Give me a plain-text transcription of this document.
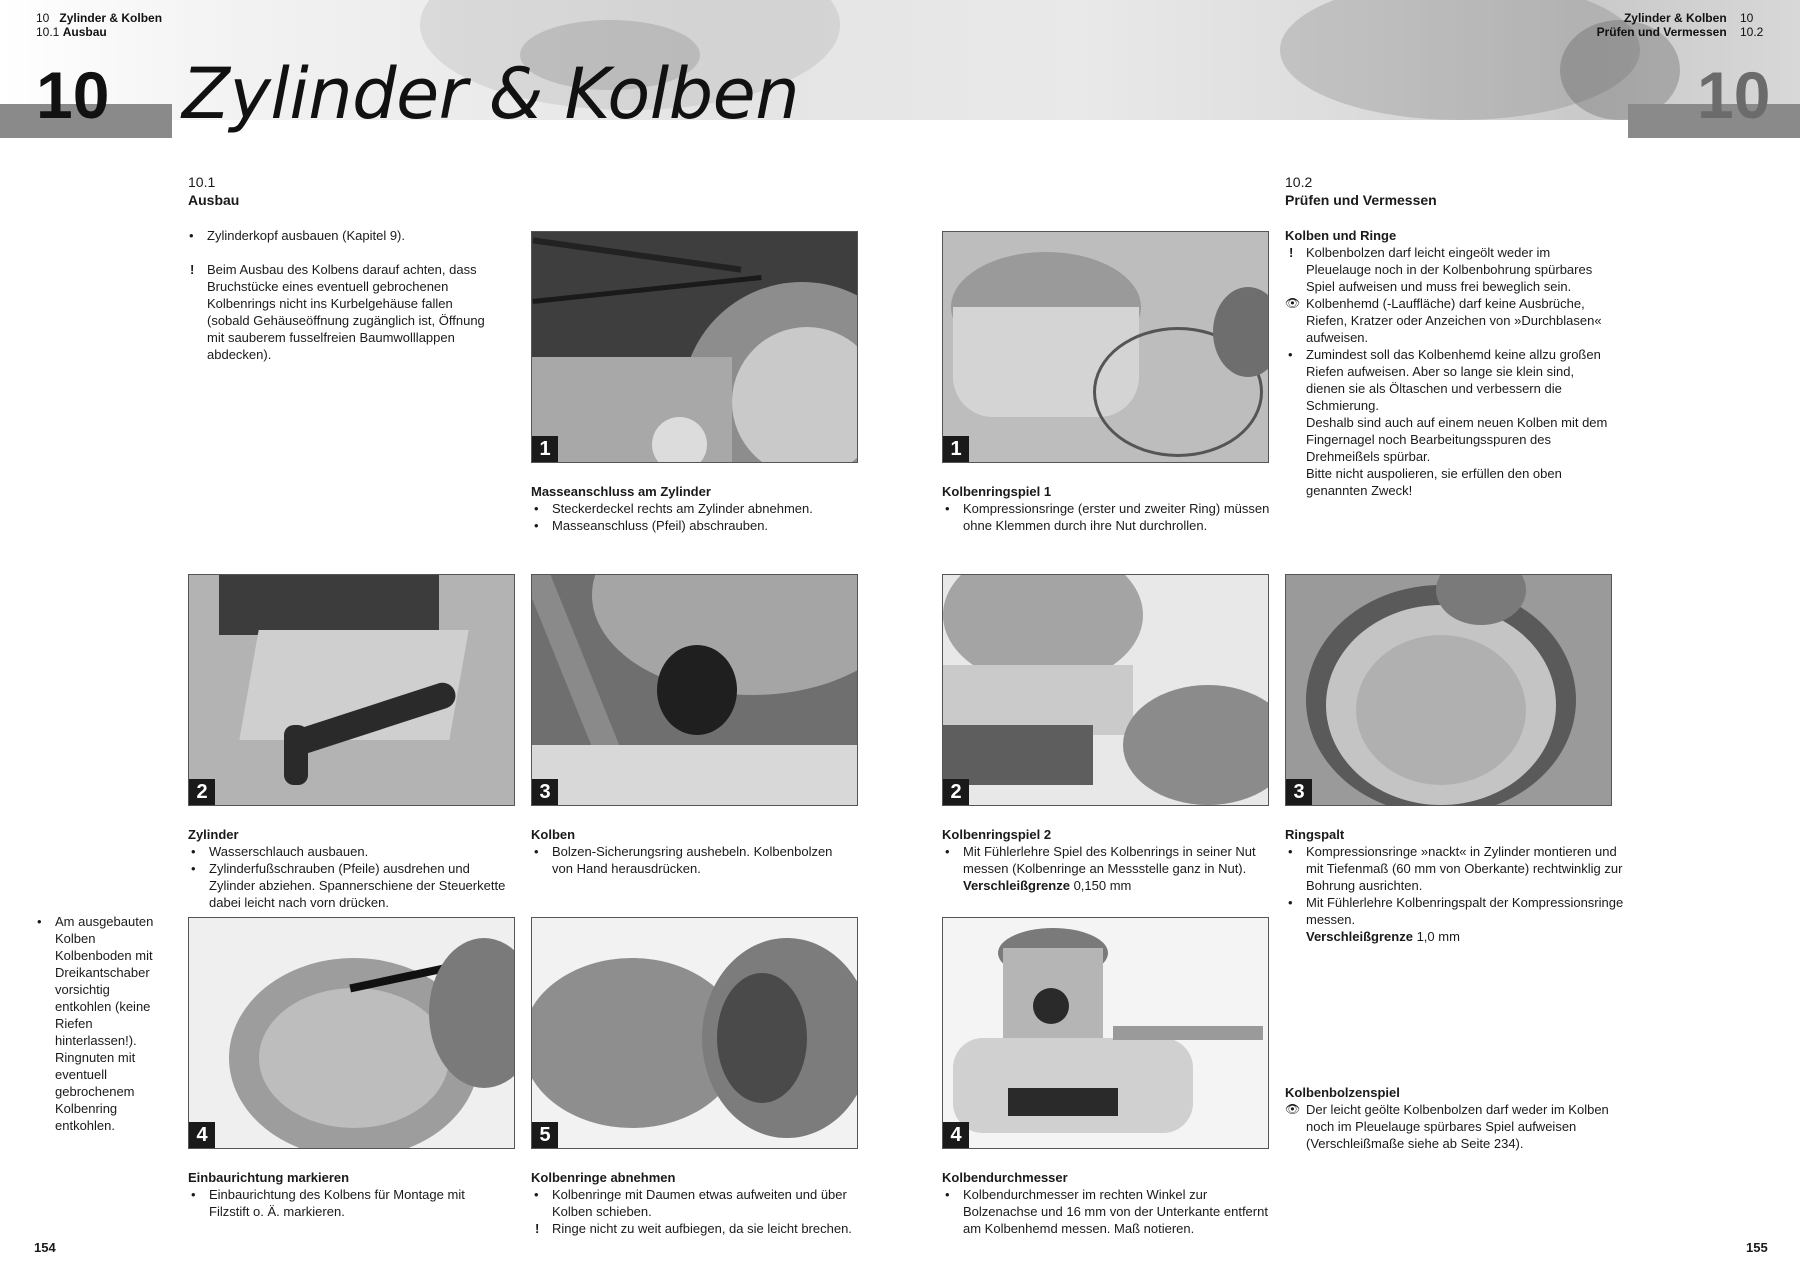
10	10
Zylinder & Kolben
10 Zylinder & Kolben
10.1 Ausbau
Zylinder & Kolben 10
Prüfen und Vermessen 10.2
10.1
Ausbau
•	Zylinderkopf ausbauen (Kapitel 9).
! Beim Ausbau des Kolbens darauf achten, dass Bruchstücke eines eventuell gebrochenen Kolbenrings nicht ins Kurbelgehäuse fallen (sobald Gehäuseöffnung zugänglich ist, Öffnung mit sauberem fusselfreien Baumwolllappen abdecken).
•	Am ausgebauten Kolben Kolbenboden mit Dreikantschaber vorsichtig entkohlen (keine Riefen hinterlassen!). Ringnuten mit eventuell gebrochenem Kolbenring entkohlen.
1
Masseanschluss am Zylinder
•	Steckerdeckel rechts am Zylinder abnehmen.
•	Masseanschluss (Pfeil) abschrauben.
2
Zylinder
•	Wasserschlauch ausbauen.
•	Zylinderfußschrauben (Pfeile) ausdrehen und Zylinder abziehen. Spannerschiene der Steuerkette dabei leicht nach vorn drücken.
3
Kolben
•	Bolzen-Sicherungsring aushebeln. Kolbenbolzen von Hand herausdrücken.
4
Einbaurichtung markieren
•	Einbaurichtung des Kolbens für Montage mit Filzstift o. Ä. markieren.
5
Kolbenringe abnehmen
•	Kolbenringe mit Daumen etwas aufweiten und über Kolben schieben.
! Ringe nicht zu weit aufbiegen, da sie leicht brechen.
154
10.2
Prüfen und Vermessen
Kolben und Ringe
! Kolbenbolzen darf leicht eingeölt weder im Pleuelauge noch in der Kolbenbohrung spürbares Spiel aufweisen und muss frei beweglich sein.
👁 Kolbenhemd (-Lauffläche) darf keine Ausbrüche, Riefen, Kratzer oder Anzeichen von »Durchblasen« aufweisen.
•	Zumindest soll das Kolbenhemd keine allzu großen Riefen aufweisen. Aber so lange sie klein sind, dienen sie als Öltaschen und verbessern die Schmierung.
Deshalb sind auch auf einem neuen Kolben mit dem Fingernagel noch Bearbeitungsspuren des Drehmeißels spürbar.
Bitte nicht auspolieren, sie erfüllen den oben genannten Zweck!
1
Kolbenringspiel 1
•	Kompressionsringe (erster und zweiter Ring) müssen ohne Klemmen durch ihre Nut durchrollen.
2
Kolbenringspiel 2
•	Mit Fühlerlehre Spiel des Kolbenrings in seiner Nut messen (Kolbenringe an Messstelle ganz in Nut).
Verschleißgrenze 0,150 mm
3
Ringspalt
•	Kompressionsringe »nackt« in Zylinder montieren und mit Tiefenmaß (60 mm von Oberkante) rechtwinklig zur Bohrung ausrichten.
•	Mit Fühlerlehre Kolbenringspalt der Kompressionsringe messen.
Verschleißgrenze 1,0 mm
4
Kolbendurchmesser
•	Kolbendurchmesser im rechten Winkel zur Bolzenachse und 16 mm von der Unterkante entfernt am Kolbenhemd messen. Maß notieren.
Kolbenbolzenspiel
👁 Der leicht geölte Kolbenbolzen darf weder im Kolben noch im Pleuelauge spürbares Spiel aufweisen (Verschleißmaße siehe ab Seite 234).
155
